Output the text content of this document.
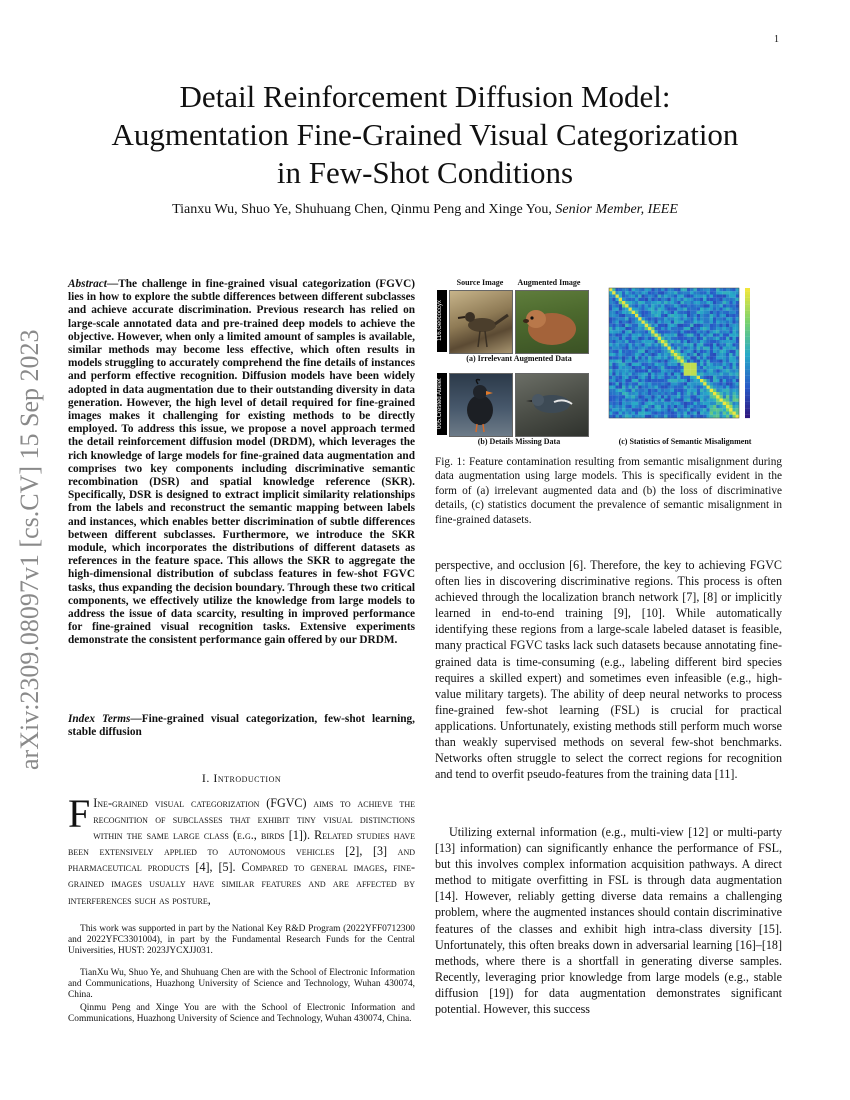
1
arXiv:2309.08097v1 [cs.CV] 15 Sep 2023
Detail Reinforcement Diffusion Model:
Augmentation Fine-Grained Visual Categorization
in Few-Shot Conditions
Tianxu Wu, Shuo Ye, Shuhuang Chen, Qinmu Peng and Xinge You, Senior Member, IEEE
Abstract—The challenge in fine-grained visual categorization (FGVC) lies in how to explore the subtle differences between different subclasses and achieve accurate discrimination. Previous research has relied on large-scale annotated data and pre-trained deep models to achieve the objective. However, when only a limited amount of samples is available, similar methods may become less effective, which often results in models struggling to accurately comprehend the fine details of instances and perform effective recognition. Diffusion models have been widely adopted in data augmentation due to their outstanding diversity in data generation. However, the high level of detail required for fine-grained images makes it challenging for existing methods to be directly employed. To address this issue, we propose a novel approach termed the detail reinforcement diffusion model (DRDM), which leverages the rich knowledge of large models for fine-grained data augmentation and comprises two key components including discriminative semantic recombination (DSR) and spatial knowledge reference (SKR). Specifically, DSR is designed to extract implicit similarity relationships from the labels and reconstruct the semantic mapping between labels and instances, which enables better discrimination of subtle differences between different subclasses. Furthermore, we introduce the SKR module, which incorporates the distributions of different datasets as references in the feature space. This allows the SKR to aggregate the high-dimensional distribution of subclass features in few-shot FGVC tasks, thus expanding the decision boundary. Through these two critical components, we effectively utilize the knowledge from large models to address the issue of data scarcity, resulting in improved performance for fine-grained visual recognition tasks. Extensive experiments demonstrate the consistent performance gain offered by our DRDM.
Index Terms—Fine-grained visual categorization, few-shot learning, stable diffusion
I. Introduction
F Ine-grained visual categorization (FGVC) aims to achieve the recognition of subclasses that exhibit tiny visual distinctions within the same large class (e.g., birds [1]). Related studies have been extensively applied to autonomous vehicles [2], [3] and pharmaceutical products [4], [5]. Compared to general images, fine-grained images usually have similar features and are affected by interferences such as posture,
This work was supported in part by the National Key R&D Program (2022YFF0712300 and 2022YFC3301004), in part by the Fundamental Research Funds for the Central Universities, HUST: 2023JYCXJJ031.
TianXu Wu, Shuo Ye, and Shuhuang Chen are with the School of Electronic Information and Communications, Huazhong University of Science and Technology, Wuhan 430074, China.
Qinmu Peng and Xinge You are with the School of Electronic Information and Communications, Huazhong University of Science and Technology, Wuhan 430074, China.
Source Image	Augmented Image
116.Geococcyx
(a) Irrelevant Augmented Data
005.Crested Auklet
(b) Details Missing Data	(c) Statistics of Semantic Misalignment
Fig. 1: Feature contamination resulting from semantic misalignment during data augmentation using large models. This is specifically evident in the form of (a) irrelevant augmented data and (b) the loss of discriminative details, (c) statistics document the prevalence of semantic misalignment in fine-grained datasets.
perspective, and occlusion [6]. Therefore, the key to achieving FGVC often lies in discovering discriminative regions. This process is often achieved through the localization branch network [7], [8] or implicitly learned in end-to-end training [9], [10]. While automatically identifying these regions from a large-scale labeled dataset is feasible, many practical FGVC tasks lack such datasets because annotating fine-grained data is time-consuming (e.g., labeling different bird species requires a skilled expert) and sometimes even infeasible (e.g., high-value military targets). The ability of deep neural networks to process fine-grained few-shot learning (FSL) is crucial for practical applications. Unfortunately, existing methods still perform much worse than weakly supervised methods on several few-shot benchmarks. Networks often struggle to select the correct regions for recognition and tend to overfit pseudo-features from the training data [11].
Utilizing external information (e.g., multi-view [12] or multi-party [13] information) can significantly enhance the performance of FSL, but this involves complex information acquisition pathways. A direct method to mitigate overfitting in FSL is through data augmentation [14]. However, reliably getting diverse data remains a challenging problem, where the augmented instances should contain discriminative features of the classes and exhibit high intra-class diversity [15]. Unfortunately, this often breaks down in adversarial learning [16]–[18] methods, where there is a shortfall in generating diverse samples. Recently, leveraging prior knowledge from large models (e.g., stable diffusion [19]) for data augmentation demonstrates significant potential. However, this success
